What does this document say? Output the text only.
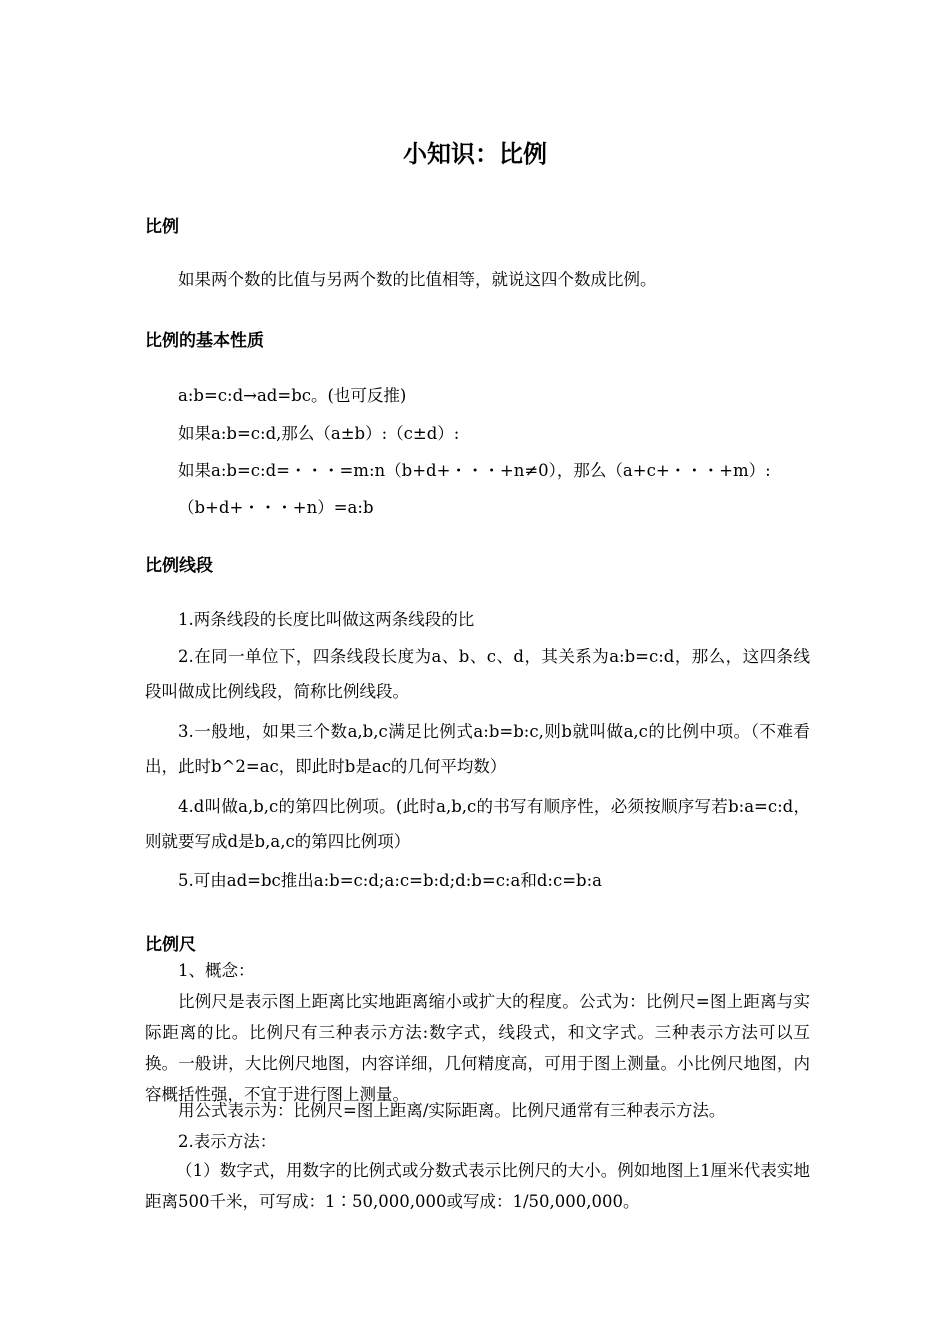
小知识：比例
比例
如果两个数的比值与另两个数的比值相等，就说这四个数成比例。
比例的基本性质
a:b=c:d→ad=bc。(也可反推)
如果a:b=c:d,那么（a±b）:（c±d）:
如果a:b=c:d=・・・=m:n（b+d+・・・+n≠0），那么（a+c+・・・+m）:
（b+d+・・・+n）=a:b
比例线段
1.两条线段的长度比叫做这两条线段的比
2.在同一单位下，四条线段长度为a、b、c、d，其关系为a:b=c:d，那么，这四条线段叫做成比例线段，简称比例线段。
3.一般地，如果三个数a,b,c满足比例式a:b=b:c,则b就叫做a,c的比例中项。（不难看出，此时b^2=ac，即此时b是ac的几何平均数）
4.d叫做a,b,c的第四比例项。(此时a,b,c的书写有顺序性，必须按顺序写若b:a=c:d，则就要写成d是b,a,c的第四比例项）
5.可由ad=bc推出a:b=c:d;a:c=b:d;d:b=c:a和d:c=b:a
比例尺
1、概念：
比例尺是表示图上距离比实地距离缩小或扩大的程度。公式为：比例尺=图上距离与实际距离的比。比例尺有三种表示方法:数字式，线段式，和文字式。三种表示方法可以互换。一般讲，大比例尺地图，内容详细，几何精度高，可用于图上测量。小比例尺地图，内容概括性强，不宜于进行图上测量。
用公式表示为：比例尺=图上距离/实际距离。比例尺通常有三种表示方法。
2.表示方法：
（1）数字式，用数字的比例式或分数式表示比例尺的大小。例如地图上1厘米代表实地距离500千米，可写成：1∶50,000,000或写成：1/50,000,000。
